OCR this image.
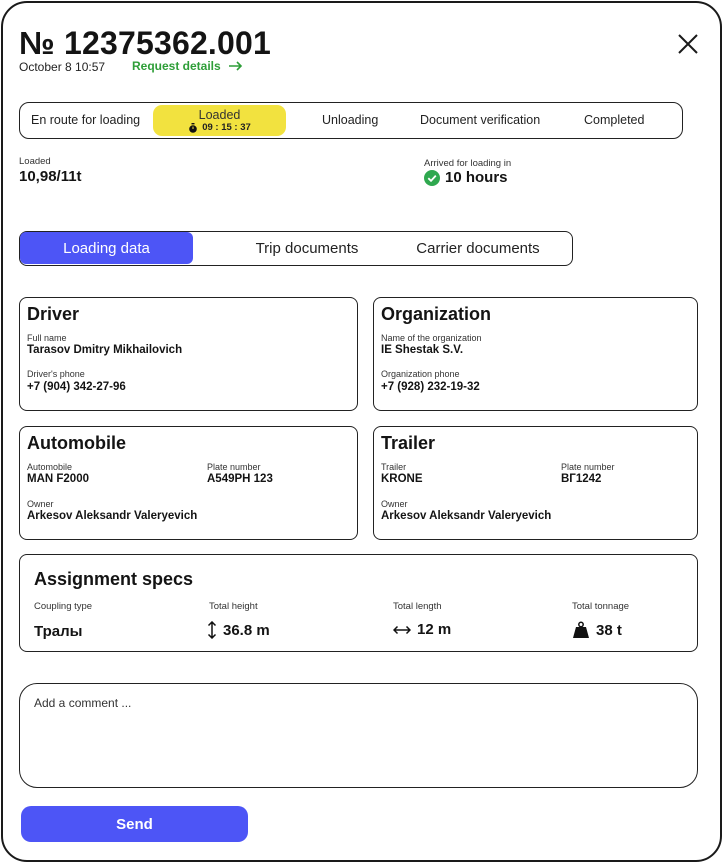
№ 12375362.001
October 8 10:57 Request details
En route for loading	Loaded
09 : 15 : 37	Unloading	Document verification	Completed
Loaded
10,98/11t
Arrived for loading in
10 hours
Loading data	Trip documents	Carrier documents
Driver
Full name
Tarasov Dmitry Mikhailovich
Driver's phone
+7 (904) 342-27-96
Organization
Name of the organization
IE Shestak S.V.
Organization phone
+7 (928) 232-19-32
Automobile
Automobile
MAN F2000
Plate number
А549РН 123
Owner
Arkesov Aleksandr Valeryevich
Trailer
Trailer
KRONE
Plate number
ВГ1242
Owner
Arkesov Aleksandr Valeryevich
Assignment specs
Coupling type
Тралы
Total height
36.8 m
Total length
12 m
Total tonnage
38 t
Add a comment ...
Send
